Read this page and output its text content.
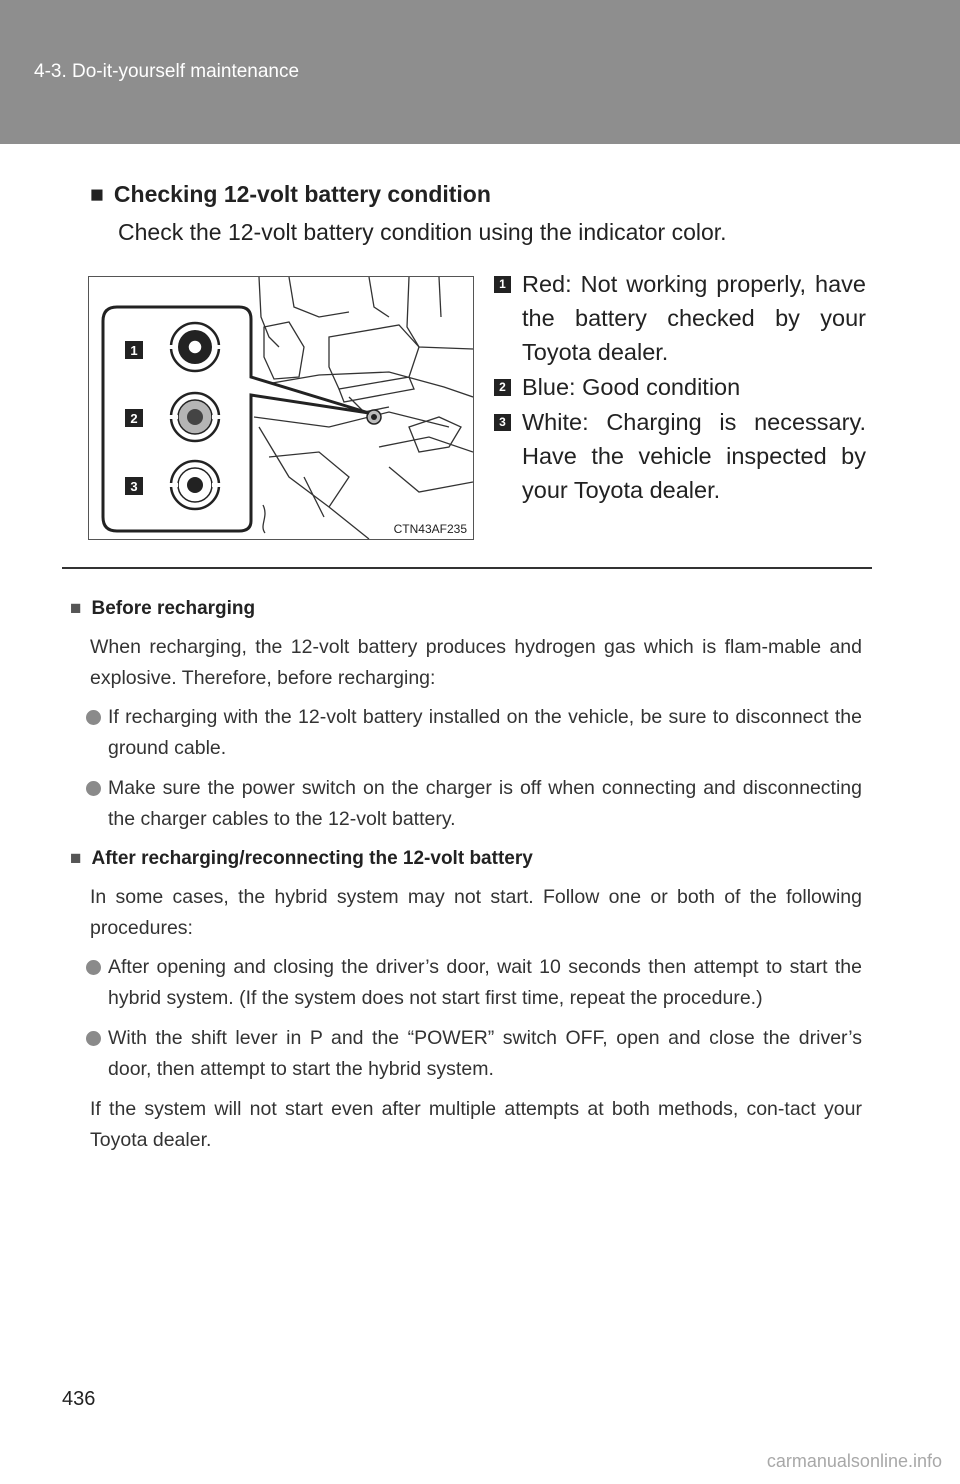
4-3. Do-it-yourself maintenance
■ Checking 12-volt battery condition
Check the 12-volt battery condition using the indicator color.
1
2
3
CTN43AF235
1 Red: Not working properly, have the battery checked by your Toyota dealer.
2 Blue: Good condition
3 White: Charging is necessary. Have the vehicle inspected by your Toyota dealer.
■ Before recharging
When recharging, the 12-volt battery produces hydrogen gas which is flam-mable and explosive. Therefore, before recharging:
If recharging with the 12-volt battery installed on the vehicle, be sure to disconnect the ground cable.
Make sure the power switch on the charger is off when connecting and disconnecting the charger cables to the 12-volt battery.
■ After recharging/reconnecting the 12-volt battery
In some cases, the hybrid system may not start. Follow one or both of the following procedures:
After opening and closing the driver’s door, wait 10 seconds then attempt to start the hybrid system. (If the system does not start first time, repeat the procedure.)
With the shift lever in P and the “POWER” switch OFF, open and close the driver’s door, then attempt to start the hybrid system.
If the system will not start even after multiple attempts at both methods, con-tact your Toyota dealer.
436
carmanualsonline.info
